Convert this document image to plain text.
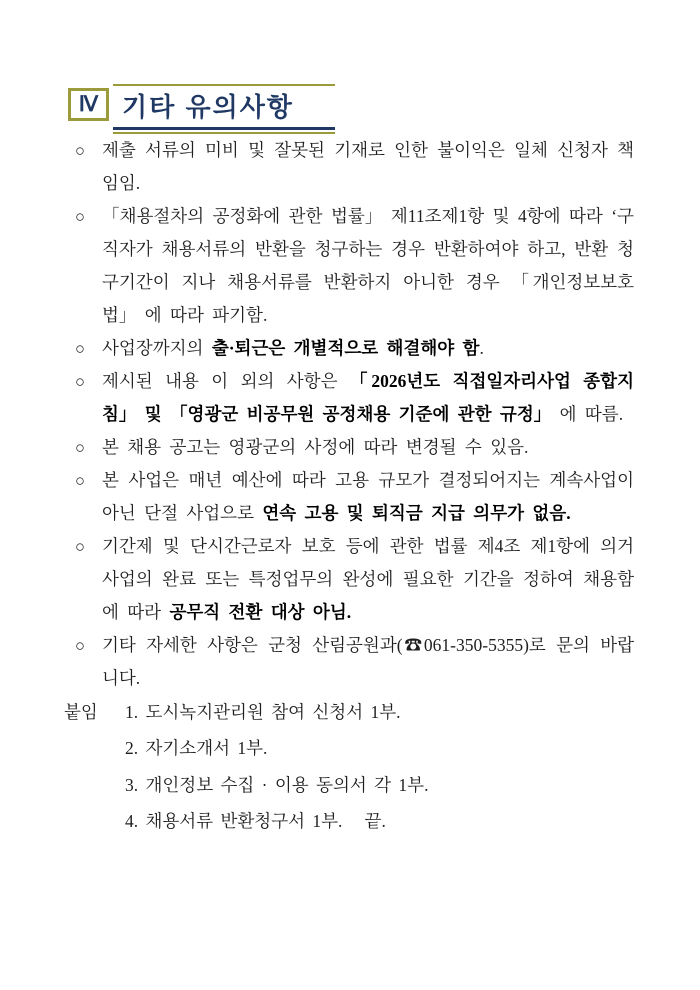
Ⅳ 기타 유의사항
○ 제출 서류의 미비 및 잘못된 기재로 인한 불이익은 일체 신청자 책임임.
○ 「채용절차의 공정화에 관한 법률」 제11조제1항 및 4항에 따라 ‘구직자가 채용서류의 반환을 청구하는 경우 반환하여야 하고, 반환 청구기간이 지나 채용서류를 반환하지 아니한 경우 「개인정보보호법」 에 따라 파기함.
○ 사업장까지의 출·퇴근은 개별적으로 해결해야 함.
○ 제시된 내용 이 외의 사항은 「2026년도 직접일자리사업 종합지침」 및 「영광군 비공무원 공정채용 기준에 관한 규정」 에 따름.
○ 본 채용 공고는 영광군의 사정에 따라 변경될 수 있음.
○ 본 사업은 매년 예산에 따라 고용 규모가 결정되어지는 계속사업이 아닌 단절 사업으로 연속 고용 및 퇴직금 지급 의무가 없음.
○ 기간제 및 단시간근로자 보호 등에 관한 법률 제4조 제1항에 의거 사업의 완료 또는 특정업무의 완성에 필요한 기간을 정하여 채용함에 따라 공무직 전환 대상 아님.
○ 기타 자세한 사항은 군청 산림공원과(☎061-350-5355)로 문의 바랍니다.
붙임	1. 도시녹지관리원 참여 신청서 1부.
2. 자기소개서 1부.
3. 개인정보 수집 · 이용 동의서 각 1부.
4. 채용서류 반환청구서 1부.   끝.
